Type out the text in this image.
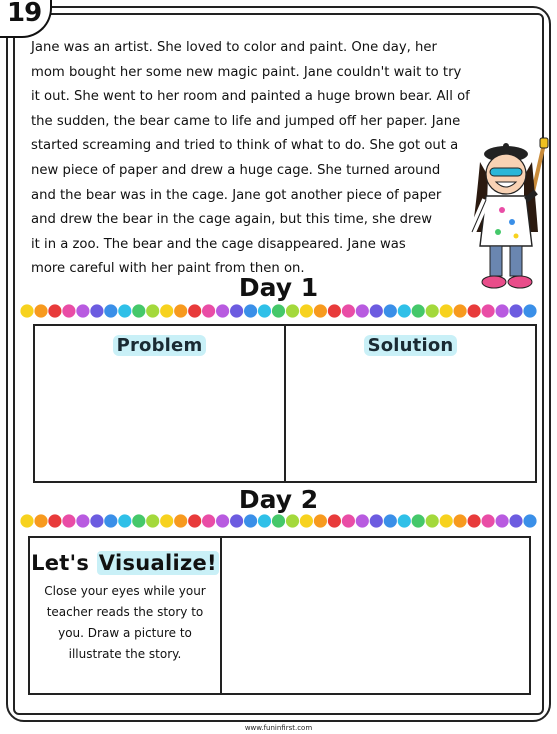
19

Jane was an artist. She loved to color and paint. One day, her

mom bought her some new magic paint. Jane couldn't wait to try

it out. She went to her room and painted a huge brown bear. All of

the sudden, the bear came to life and jumped off her paper. Jane

started screaming and tried to think of what to do. She got out a

new piece of paper and drew a huge cage. She turned around

and the bear was in the cage. Jane got another piece of paper

and drew the bear in the cage again, but this time, she drew

it in a zoo. The bear and the cage disappeared. Jane was

more careful with her paint from then on.

Day 1
Problem	Solution
Day 2
Let's Visualize!
Close your eyes while your
teacher reads the story to
you. Draw a picture to
illustrate the story.
www.funinfirst.com
